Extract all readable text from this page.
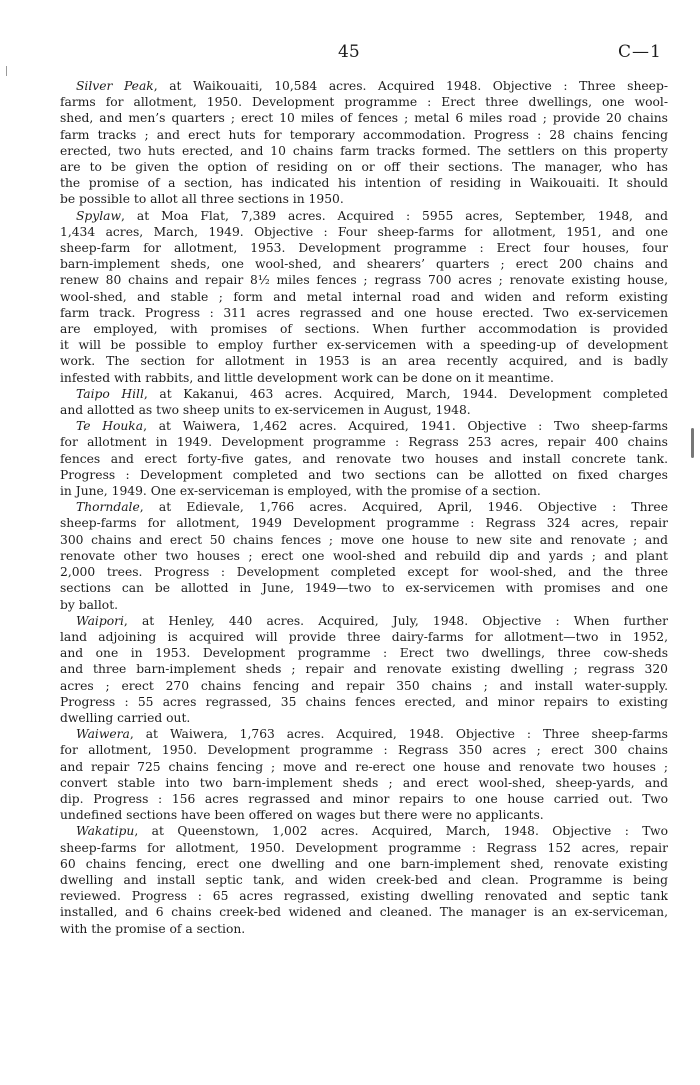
45	C—1
Silver Peak, at Waikouaiti, 10,584 acres. Acquired 1948. Objective : Three sheep-
farms for allotment, 1950. Development programme : Erect three dwellings, one wool-
shed, and men’s quarters ; erect 10 miles of fences ; metal 6 miles road ; provide 20 chains
farm tracks ; and erect huts for temporary accommodation. Progress : 28 chains fencing
erected, two huts erected, and 10 chains farm tracks formed. The settlers on this property
are to be given the option of residing on or off their sections. The manager, who has
the promise of a section, has indicated his intention of residing in Waikouaiti. It should
be possible to allot all three sections in 1950.
Spylaw, at Moa Flat, 7,389 acres. Acquired : 5955 acres, September, 1948, and
1,434 acres, March, 1949. Objective : Four sheep-farms for allotment, 1951, and one
sheep-farm for allotment, 1953. Development programme : Erect four houses, four
barn-implement sheds, one wool-shed, and shearers’ quarters ; erect 200 chains and
renew 80 chains and repair 8½ miles fences ; regrass 700 acres ; renovate existing house,
wool-shed, and stable ; form and metal internal road and widen and reform existing
farm track. Progress : 311 acres regrassed and one house erected. Two ex-servicemen
are employed, with promises of sections. When further accommodation is provided
it will be possible to employ further ex-servicemen with a speeding-up of development
work. The section for allotment in 1953 is an area recently acquired, and is badly
infested with rabbits, and little development work can be done on it meantime.
Taipo Hill, at Kakanui, 463 acres. Acquired, March, 1944. Development completed
and allotted as two sheep units to ex-servicemen in August, 1948.
Te Houka, at Waiwera, 1,462 acres. Acquired, 1941. Objective : Two sheep-farms
for allotment in 1949. Development programme : Regrass 253 acres, repair 400 chains
fences and erect forty-five gates, and renovate two houses and install concrete tank.
Progress : Development completed and two sections can be allotted on fixed charges
in June, 1949. One ex-serviceman is employed, with the promise of a section.
Thorndale, at Edievale, 1,766 acres. Acquired, April, 1946. Objective : Three
sheep-farms for allotment, 1949 Development programme : Regrass 324 acres, repair
300 chains and erect 50 chains fences ; move one house to new site and renovate ; and
renovate other two houses ; erect one wool-shed and rebuild dip and yards ; and plant
2,000 trees. Progress : Development completed except for wool-shed, and the three
sections can be allotted in June, 1949—two to ex-servicemen with promises and one
by ballot.
Waipori, at Henley, 440 acres. Acquired, July, 1948. Objective : When further
land adjoining is acquired will provide three dairy-farms for allotment—two in 1952,
and one in 1953. Development programme : Erect two dwellings, three cow-sheds
and three barn-implement sheds ; repair and renovate existing dwelling ; regrass 320
acres ; erect 270 chains fencing and repair 350 chains ; and install water-supply.
Progress : 55 acres regrassed, 35 chains fences erected, and minor repairs to existing
dwelling carried out.
Waiwera, at Waiwera, 1,763 acres. Acquired, 1948. Objective : Three sheep-farms
for allotment, 1950. Development programme : Regrass 350 acres ; erect 300 chains
and repair 725 chains fencing ; move and re-erect one house and renovate two houses ;
convert stable into two barn-implement sheds ; and erect wool-shed, sheep-yards, and
dip. Progress : 156 acres regrassed and minor repairs to one house carried out. Two
undefined sections have been offered on wages but there were no applicants.
Wakatipu, at Queenstown, 1,002 acres. Acquired, March, 1948. Objective : Two
sheep-farms for allotment, 1950. Development programme : Regrass 152 acres, repair
60 chains fencing, erect one dwelling and one barn-implement shed, renovate existing
dwelling and install septic tank, and widen creek-bed and clean. Programme is being
reviewed. Progress : 65 acres regrassed, existing dwelling renovated and septic tank
installed, and 6 chains creek-bed widened and cleaned. The manager is an ex-serviceman,
with the promise of a section.
